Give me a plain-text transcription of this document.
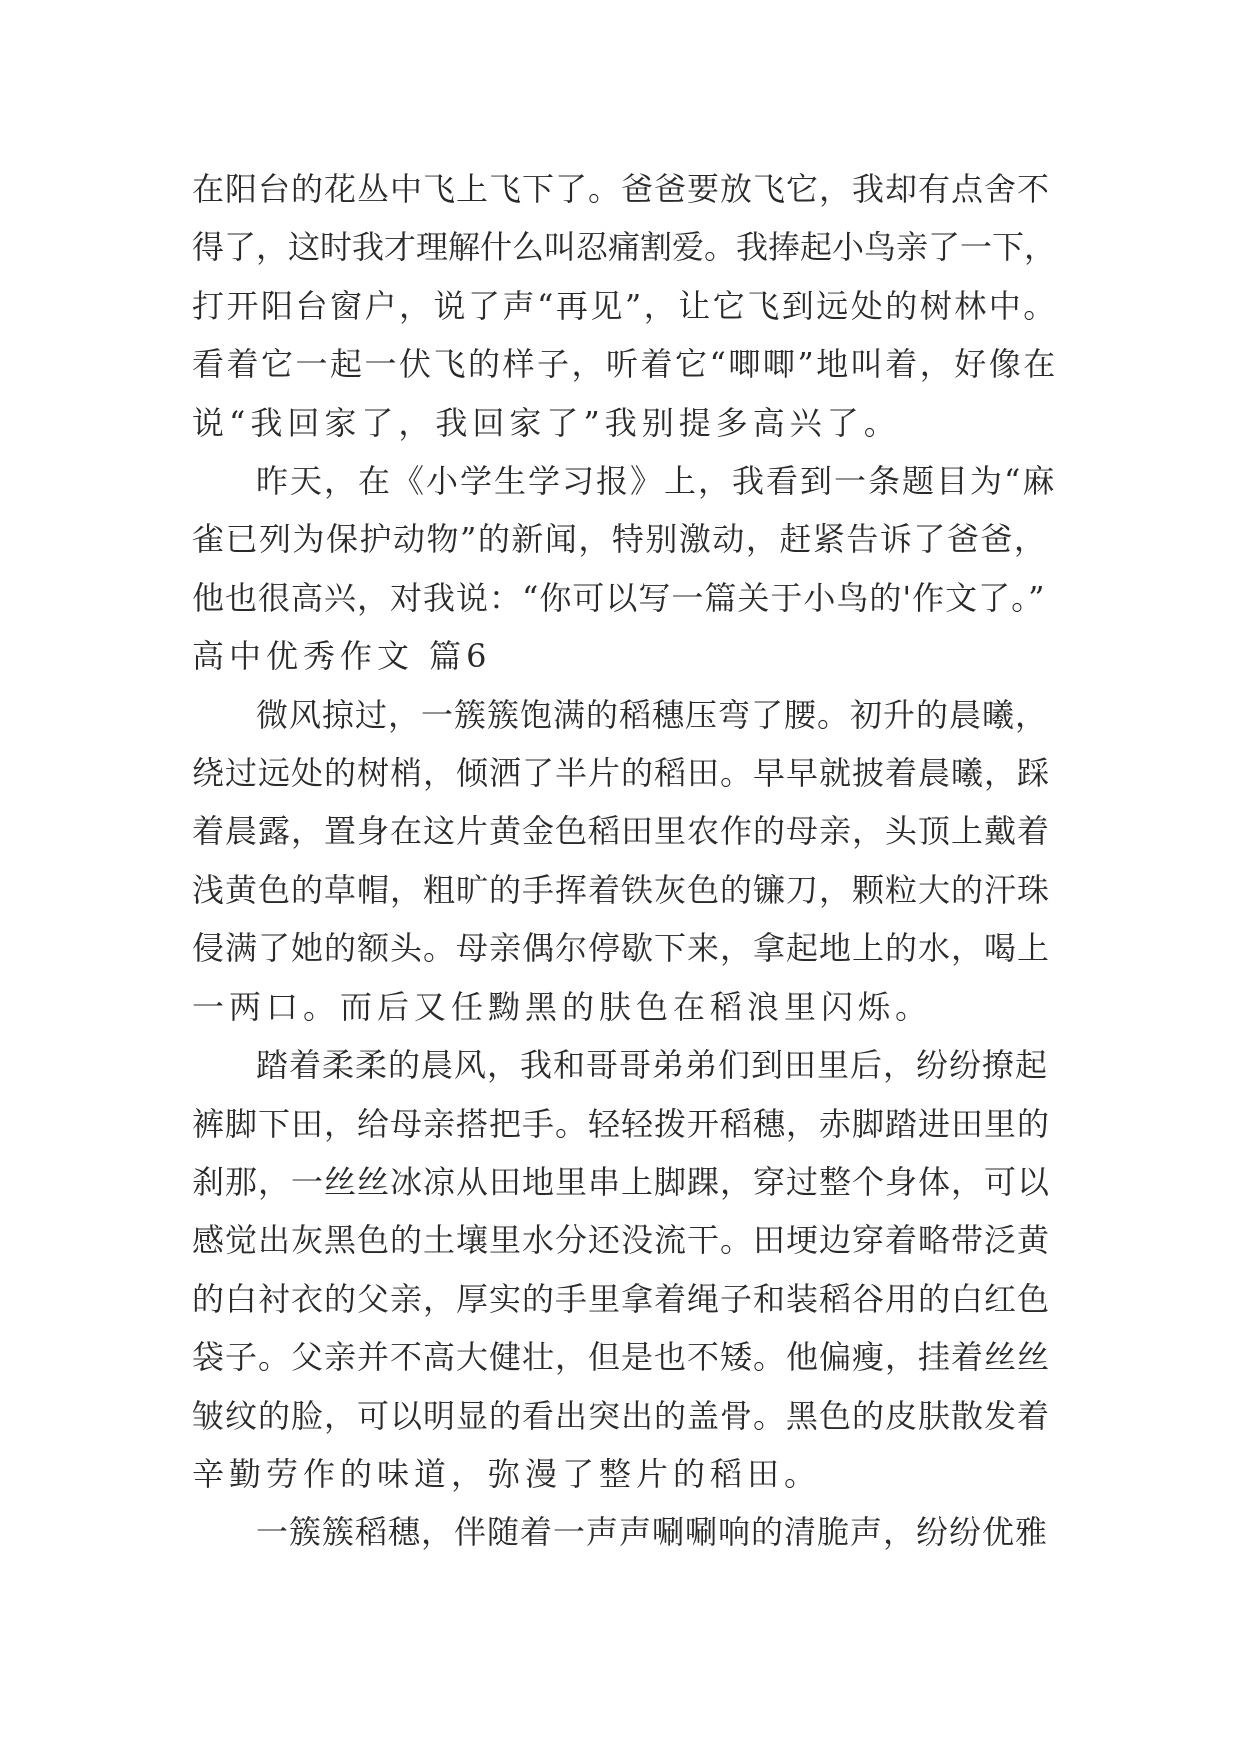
在阳台的花丛中飞上飞下了。爸爸要放飞它，我却有点舍不
得了，这时我才理解什么叫忍痛割爱。我捧起小鸟亲了一下，
打开阳台窗户，说了声“再见”，让它飞到远处的树林中。
看着它一起一伏飞的样子，听着它“唧唧”地叫着，好像在
说“我回家了，我回家了”我别提多高兴了。

昨天，在《小学生学习报》上，我看到一条题目为“麻
雀已列为保护动物”的新闻，特别激动，赶紧告诉了爸爸，
他也很高兴，对我说：“你可以写一篇关于小鸟的'作文了。”

高中优秀作文 篇6

微风掠过，一簇簇饱满的稻穗压弯了腰。初升的晨曦，
绕过远处的树梢，倾洒了半片的稻田。早早就披着晨曦，踩
着晨露，置身在这片黄金色稻田里农作的母亲，头顶上戴着
浅黄色的草帽，粗旷的手挥着铁灰色的镰刀，颗粒大的汗珠
侵满了她的额头。母亲偶尔停歇下来，拿起地上的水，喝上
一两口。而后又任黝黑的肤色在稻浪里闪烁。

踏着柔柔的晨风，我和哥哥弟弟们到田里后，纷纷撩起
裤脚下田，给母亲搭把手。轻轻拨开稻穗，赤脚踏进田里的
刹那，一丝丝冰凉从田地里串上脚踝，穿过整个身体，可以
感觉出灰黑色的土壤里水分还没流干。田埂边穿着略带泛黄
的白衬衣的父亲，厚实的手里拿着绳子和装稻谷用的白红色
袋子。父亲并不高大健壮，但是也不矮。他偏瘦，挂着丝丝
皱纹的脸，可以明显的看出突出的盖骨。黑色的皮肤散发着
辛勤劳作的味道，弥漫了整片的稻田。

一簇簇稻穗，伴随着一声声唰唰响的清脆声，纷纷优雅
